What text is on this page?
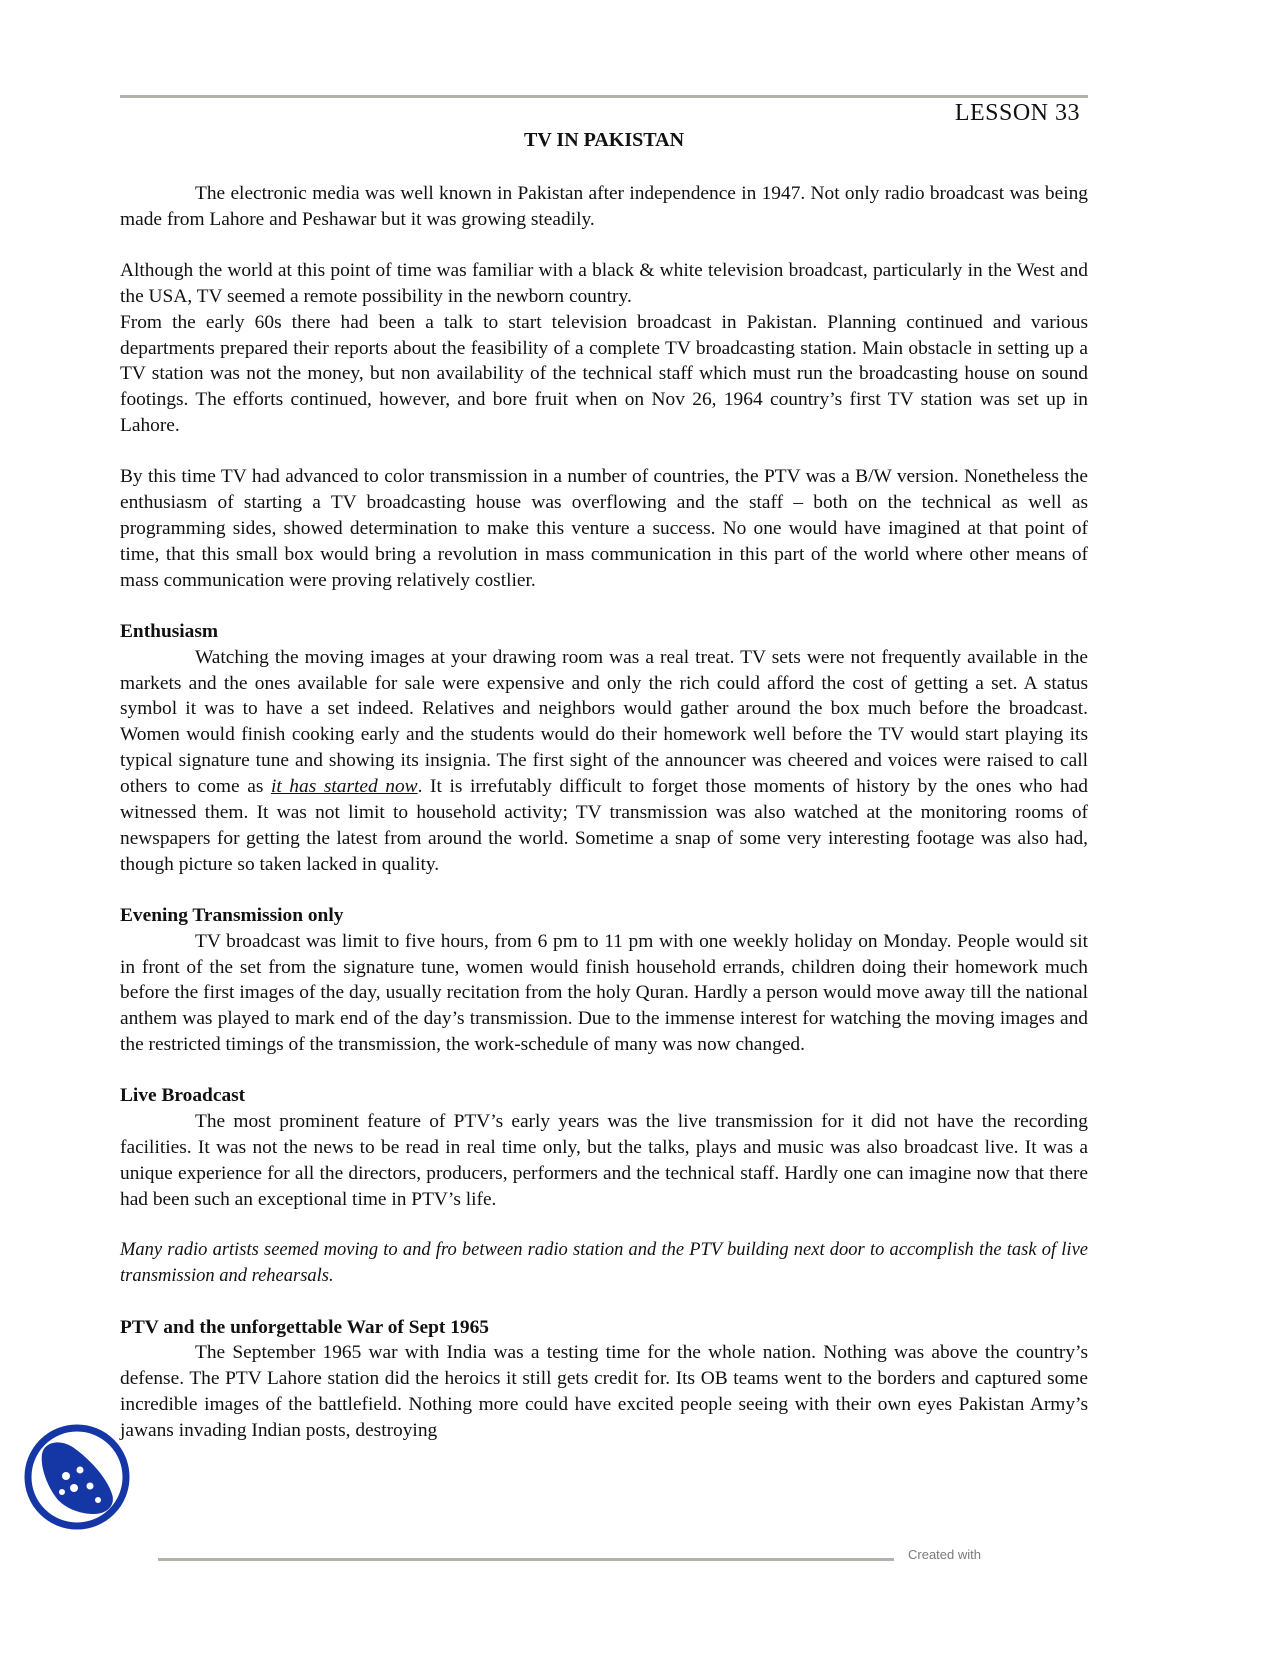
LESSON 33
TV IN PAKISTAN

The electronic media was well known in Pakistan after independence in 1947. Not only radio broadcast was being made from Lahore and Peshawar but it was growing steadily.

Although the world at this point of time was familiar with a black & white television broadcast, particularly in the West and the USA, TV seemed a remote possibility in the newborn country.

From the early 60s there had been a talk to start television broadcast in Pakistan. Planning continued and various departments prepared their reports about the feasibility of a complete TV broadcasting station. Main obstacle in setting up a TV station was not the money, but non availability of the technical staff which must run the broadcasting house on sound footings. The efforts continued, however, and bore fruit when on Nov 26, 1964 country’s first TV station was set up in Lahore.

By this time TV had advanced to color transmission in a number of countries, the PTV was a B/W version. Nonetheless the enthusiasm of starting a TV broadcasting house was overflowing and the staff – both on the technical as well as programming sides, showed determination to make this venture a success. No one would have imagined at that point of time, that this small box would bring a revolution in mass communication in this part of the world where other means of mass communication were proving relatively costlier.

Enthusiasm

Watching the moving images at your drawing room was a real treat. TV sets were not frequently available in the markets and the ones available for sale were expensive and only the rich could afford the cost of getting a set. A status symbol it was to have a set indeed. Relatives and neighbors would gather around the box much before the broadcast. Women would finish cooking early and the students would do their homework well before the TV would start playing its typical signature tune and showing its insignia. The first sight of the announcer was cheered and voices were raised to call others to come as it has started now. It is irrefutably difficult to forget those moments of history by the ones who had witnessed them. It was not limit to household activity; TV transmission was also watched at the monitoring rooms of newspapers for getting the latest from around the world. Sometime a snap of some very interesting footage was also had, though picture so taken lacked in quality.

Evening Transmission only

TV broadcast was limit to five hours, from 6 pm to 11 pm with one weekly holiday on Monday. People would sit in front of the set from the signature tune, women would finish household errands, children doing their homework much before the first images of the day, usually recitation from the holy Quran. Hardly a person would move away till the national anthem was played to mark end of the day’s transmission. Due to the immense interest for watching the moving images and the restricted timings of the transmission, the work-schedule of many was now changed.

Live Broadcast

The most prominent feature of PTV’s early years was the live transmission for it did not have the recording facilities. It was not the news to be read in real time only, but the talks, plays and music was also broadcast live. It was a unique experience for all the directors, producers, performers and the technical staff. Hardly one can imagine now that there had been such an exceptional time in PTV’s life.

Many radio artists seemed moving to and fro between radio station and the PTV building next door to accomplish the task of live transmission and rehearsals.

PTV and the unforgettable War of Sept 1965

The September 1965 war with India was a testing time for the whole nation. Nothing was above the country’s defense. The PTV Lahore station did the heroics it still gets credit for. Its OB teams went to the borders and captured some incredible images of the battlefield. Nothing more could have excited people seeing with their own eyes Pakistan Army’s jawans invading Indian posts, destroying

Created with
